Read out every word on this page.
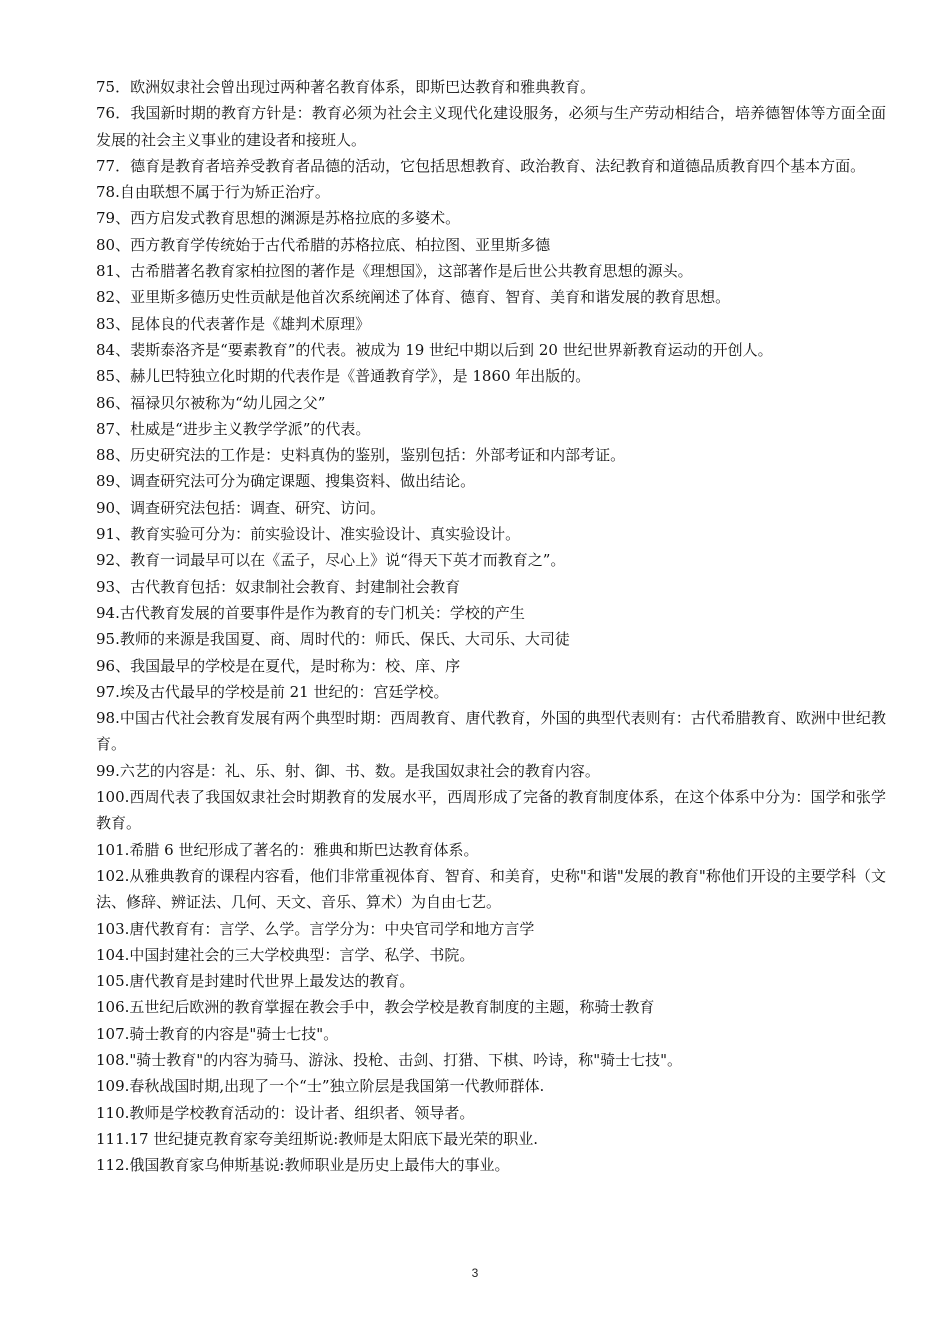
75．欧洲奴隶社会曾出现过两种著名教育体系，即斯巴达教育和雅典教育。

76．我国新时期的教育方针是：教育必须为社会主义现代化建设服务，必须与生产劳动相结合，培养德智体等方面全面发展的社会主义事业的建设者和接班人。

77．德育是教育者培养受教育者品德的活动，它包括思想教育、政治教育、法纪教育和道德品质教育四个基本方面。

78.自由联想不属于行为矫正治疗。

79、西方启发式教育思想的渊源是苏格拉底的多婆术。

80、西方教育学传统始于古代希腊的苏格拉底、柏拉图、亚里斯多德

81、古希腊著名教育家柏拉图的著作是《理想国》，这部著作是后世公共教育思想的源头。

82、亚里斯多德历史性贡献是他首次系统阐述了体育、德育、智育、美育和谐发展的教育思想。

83、昆体良的代表著作是《雄判术原理》

84、裴斯泰洛齐是“要素教育”的代表。被成为 19 世纪中期以后到 20 世纪世界新教育运动的开创人。

85、赫儿巴特独立化时期的代表作是《普通教育学》，是 1860 年出版的。

86、福禄贝尔被称为“幼儿园之父”

87、杜威是“进步主义教学学派”的代表。

88、历史研究法的工作是：史料真伪的鉴别，鉴别包括：外部考证和内部考证。

89、调查研究法可分为确定课题、搜集资料、做出结论。

90、调查研究法包括：调查、研究、访问。

91、教育实验可分为：前实验设计、准实验设计、真实验设计。

92、教育一词最早可以在《孟子，尽心上》说“得天下英才而教育之”。

93、古代教育包括：奴隶制社会教育、封建制社会教育

94.古代教育发展的首要事件是作为教育的专门机关：学校的产生

95.教师的来源是我国夏、商、周时代的：师氏、保氏、大司乐、大司徒

96、我国最早的学校是在夏代，是时称为：校、庠、序

97.埃及古代最早的学校是前 21 世纪的：宫廷学校。

98.中国古代社会教育发展有两个典型时期：西周教育、唐代教育，外国的典型代表则有：古代希腊教育、欧洲中世纪教育。

99.六艺的内容是：礼、乐、射、御、书、数。是我国奴隶社会的教育内容。

100.西周代表了我国奴隶社会时期教育的发展水平，西周形成了完备的教育制度体系，在这个体系中分为：国学和张学教育。

101.希腊 6 世纪形成了著名的：雅典和斯巴达教育体系。

102.从雅典教育的课程内容看，他们非常重视体育、智育、和美育，史称"和谐"发展的教育"称他们开设的主要学科（文法、修辞、辨证法、几何、天文、音乐、算术）为自由七艺。

103.唐代教育有：言学、么学。言学分为：中央官司学和地方言学

104.中国封建社会的三大学校典型：言学、私学、书院。

105.唐代教育是封建时代世界上最发达的教育。

106.五世纪后欧洲的教育掌握在教会手中，教会学校是教育制度的主题，称骑士教育

107.骑士教育的内容是"骑士七技"。

108."骑士教育"的内容为骑马、游泳、投枪、击剑、打猎、下棋、吟诗，称"骑士七技"。

109.春秋战国时期,出现了一个“士”独立阶层是我国第一代教师群体.

110.教师是学校教育活动的：设计者、组织者、领导者。

111.17 世纪捷克教育家夸美纽斯说:教师是太阳底下最光荣的职业.

112.俄国教育家乌伸斯基说:教师职业是历史上最伟大的事业。

3
